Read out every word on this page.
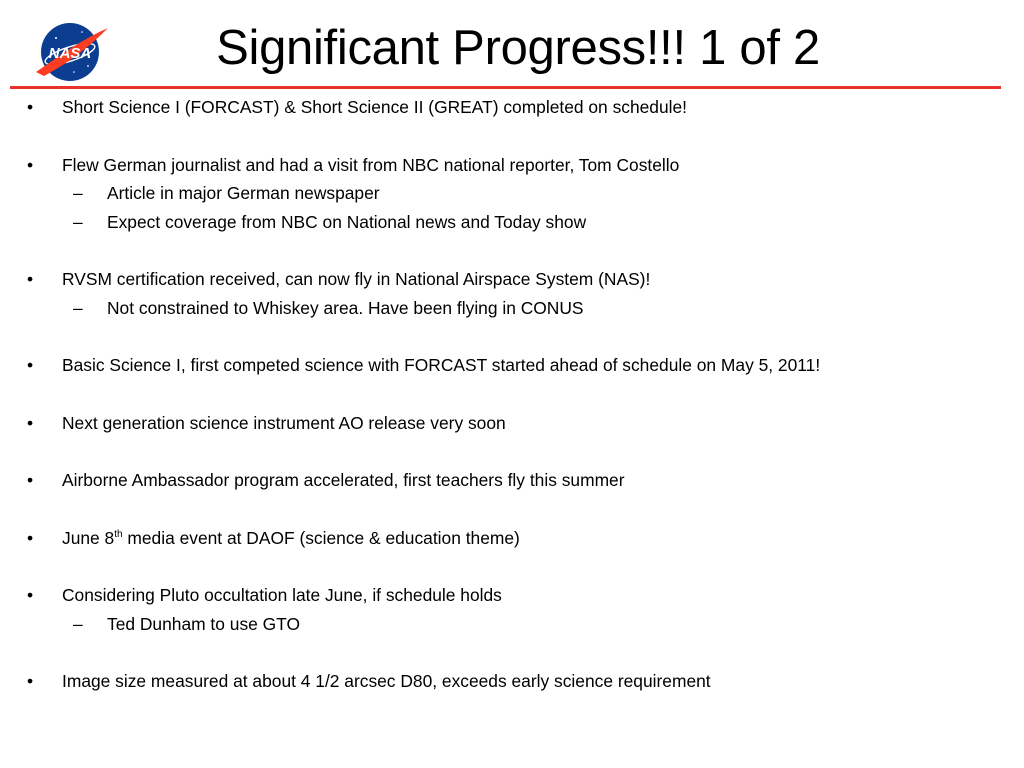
NASA	Significant Progress!!! 1 of 2
• Short Science I (FORCAST) & Short Science II (GREAT) completed on schedule!
• Flew German journalist and had a visit from NBC national reporter, Tom Costello
– Article in major German newspaper
– Expect coverage from NBC on National news and Today show
• RVSM certification received, can now fly in National Airspace System (NAS)!
– Not constrained to Whiskey area. Have been flying in CONUS
• Basic Science I, first competed science with FORCAST started ahead of schedule on May 5, 2011!
• Next generation science instrument AO release very soon
• Airborne Ambassador program accelerated, first teachers fly this summer
• June 8th media event at DAOF (science & education theme)
• Considering Pluto occultation late June, if schedule holds
– Ted Dunham to use GTO
• Image size measured at about 4 1/2 arcsec D80, exceeds early science requirement
